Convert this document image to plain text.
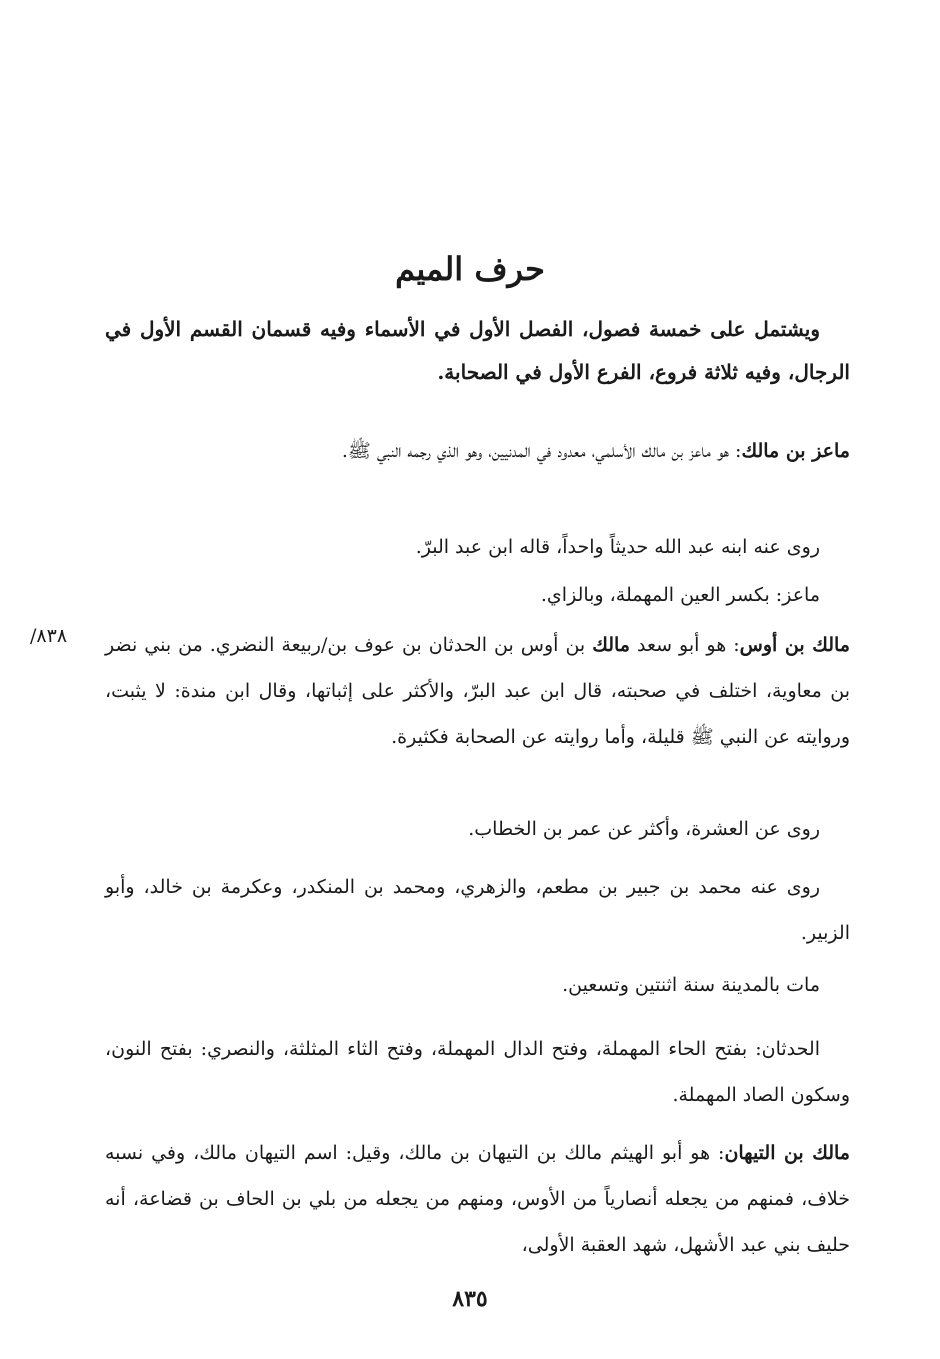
حرف الميم
ويشتمل على خمسة فصول، الفصل الأول في الأسماء وفيه قسمان القسم الأول في الرجال، وفيه ثلاثة فروع، الفرع الأول في الصحابة.
ماعز بن مالك: هو ماعز بن مالك الأسلمي، معدود في المدنيين، وهو الذي رجمه النبي ﷺ.
روى عنه ابنه عبد الله حديثاً واحداً، قاله ابن عبد البرّ.
ماعز: بكسر العين المهملة، وبالزاي.
٨٣٨/	مالك بن أوس: هو أبو سعد مالك بن أوس بن الحدثان بن عوف بن/ربيعة النضري. من بني نضر بن معاوية، اختلف في صحبته، قال ابن عبد البرّ، والأكثر على إثباتها، وقال ابن مندة: لا يثبت، وروايته عن النبي ﷺ قليلة، وأما روايته عن الصحابة فكثيرة.
روى عن العشرة، وأكثر عن عمر بن الخطاب.
روى عنه محمد بن جبير بن مطعم، والزهري، ومحمد بن المنكدر، وعكرمة بن خالد، وأبو الزبير.
مات بالمدينة سنة اثنتين وتسعين.
الحدثان: بفتح الحاء المهملة، وفتح الدال المهملة، وفتح الثاء المثلثة، والنصري: بفتح النون، وسكون الصاد المهملة.
مالك بن التيهان: هو أبو الهيثم مالك بن التيهان بن مالك، وقيل: اسم التيهان مالك، وفي نسبه خلاف، فمنهم من يجعله أنصارياً من الأوس، ومنهم من يجعله من بلي بن الحاف بن قضاعة، أنه حليف بني عبد الأشهل، شهد العقبة الأولى،
٨٣٥
